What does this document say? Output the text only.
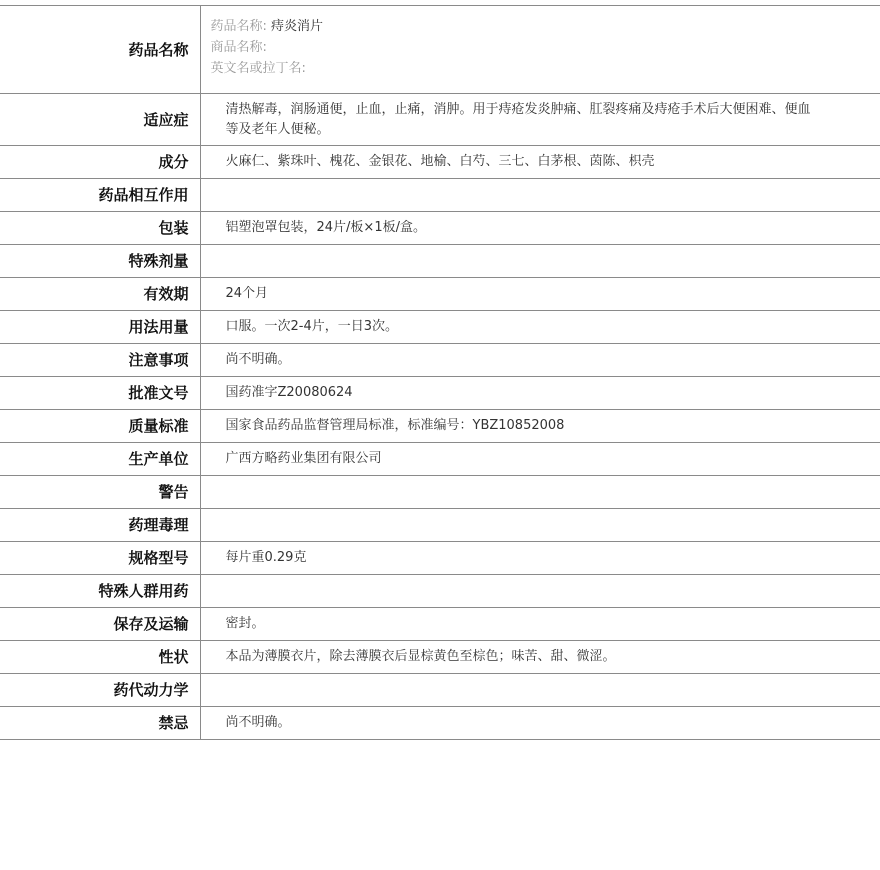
药品名称	药品名称: 痔炎消片
商品名称:
英文名或拉丁名:

适应症	清热解毒，润肠通便，止血，止痛，消肿。用于痔疮发炎肿痛、肛裂疼痛及痔疮手术后大便困难、便血等及老年人便秘。
成分	火麻仁、紫珠叶、槐花、金银花、地榆、白芍、三七、白茅根、茵陈、枳壳
药品相互作用	
包装	铝塑泡罩包装，24片/板×1板/盒。
特殊剂量	
有效期	24个月
用法用量	口服。一次2-4片，一日3次。
注意事项	尚不明确。
批准文号	国药准字Z20080624
质量标准	国家食品药品监督管理局标准，标准编号：YBZ10852008
生产单位	广西方略药业集团有限公司
警告	
药理毒理	
规格型号	每片重0.29克
特殊人群用药	
保存及运输	密封。
性状	本品为薄膜衣片，除去薄膜衣后显棕黄色至棕色；味苦、甜、微涩。
药代动力学	
禁忌	尚不明确。
